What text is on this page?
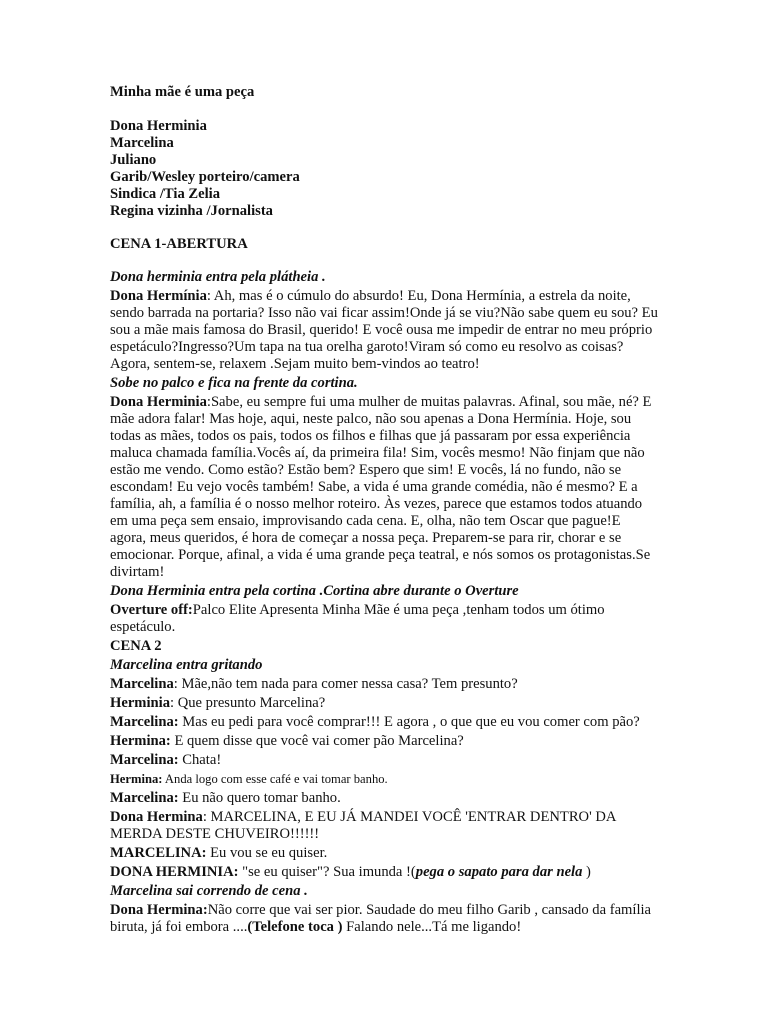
Minha mãe é uma peça

Dona Herminia

Marcelina

Juliano

Garib/Wesley porteiro/camera

Sindica /Tia Zelia

Regina vizinha /Jornalista

CENA 1-ABERTURA

Dona herminia entra pela plátheia .

Dona Hermínia: Ah, mas é o cúmulo do absurdo! Eu, Dona Hermínia, a estrela da noite, sendo barrada na portaria? Isso não vai ficar assim!Onde já se viu?Não sabe quem eu sou? Eu sou a mãe mais famosa do Brasil, querido! E você ousa me impedir de entrar no meu próprio espetáculo?Ingresso?Um tapa na tua orelha garoto!Viram só como eu resolvo as coisas? Agora, sentem-se, relaxem .Sejam muito bem-vindos ao teatro!

Sobe no palco e fica na frente da cortina.

Dona Herminia:Sabe, eu sempre fui uma mulher de muitas palavras. Afinal, sou mãe, né? E mãe adora falar! Mas hoje, aqui, neste palco, não sou apenas a Dona Hermínia. Hoje, sou todas as mães, todos os pais, todos os filhos e filhas que já passaram por essa experiência maluca chamada família.Vocês aí, da primeira fila! Sim, vocês mesmo! Não finjam que não estão me vendo. Como estão? Estão bem? Espero que sim! E vocês, lá no fundo, não se escondam! Eu vejo vocês também! Sabe, a vida é uma grande comédia, não é mesmo? E a família, ah, a família é o nosso melhor roteiro. Às vezes, parece que estamos todos atuando em uma peça sem ensaio, improvisando cada cena. E, olha, não tem Oscar que pague!E agora, meus queridos, é hora de começar a nossa peça. Preparem-se para rir, chorar e se emocionar. Porque, afinal, a vida é uma grande peça teatral, e nós somos os protagonistas.Se divirtam!

Dona Herminia entra pela cortina .Cortina abre durante o Overture

Overture off:Palco Elite Apresenta Minha Mãe é uma peça ,tenham todos um ótimo espetáculo.

CENA 2

Marcelina entra gritando

Marcelina: Mãe,não tem nada para comer nessa casa? Tem presunto?

Herminia: Que presunto Marcelina?

Marcelina: Mas eu pedi para você comprar!!! E agora , o que que eu vou comer com pão?

Hermina: E quem disse que você vai comer pão Marcelina?

Marcelina: Chata!

Hermina: Anda logo com esse café e vai tomar banho.

Marcelina: Eu não quero tomar banho.

Dona Hermina: MARCELINA, E EU JÁ MANDEI VOCÊ 'ENTRAR DENTRO' DA MERDA DESTE CHUVEIRO!!!!!!

MARCELINA: Eu vou se eu quiser.

DONA HERMINIA: "se eu quiser"? Sua imunda !(pega o sapato para dar nela )

Marcelina sai correndo de cena .

Dona Hermina:Não corre que vai ser pior. Saudade do meu filho Garib , cansado da família biruta, já foi embora ....(Telefone toca ) Falando nele...Tá me ligando!
